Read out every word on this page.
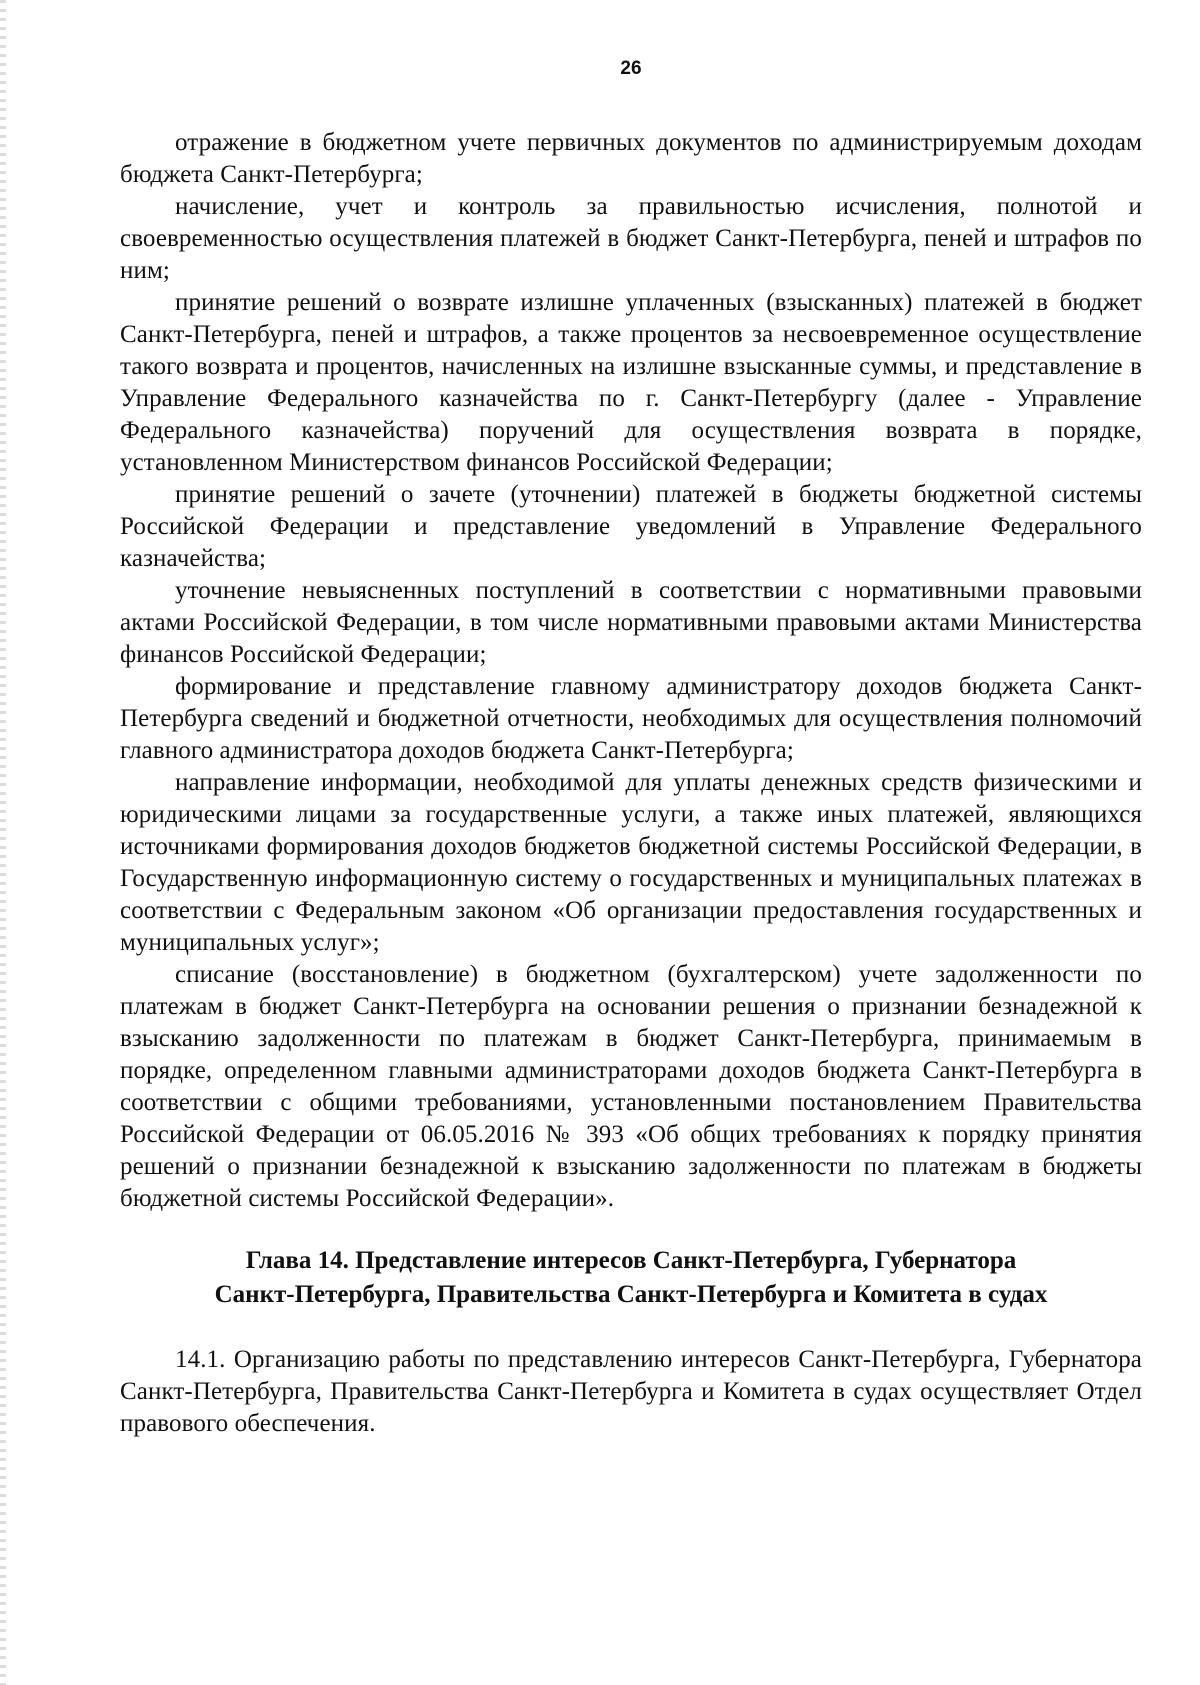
26

отражение в бюджетном учете первичных документов по администрируемым доходам бюджета Санкт-Петербурга;

начисление, учет и контроль за правильностью исчисления, полнотой и своевременностью осуществления платежей в бюджет Санкт-Петербурга, пеней и штрафов по ним;

принятие решений о возврате излишне уплаченных (взысканных) платежей в бюджет Санкт-Петербурга, пеней и штрафов, а также процентов за несвоевременное осуществление такого возврата и процентов, начисленных на излишне взысканные суммы, и представление в Управление Федерального казначейства по г. Санкт-Петербургу (далее - Управление Федерального казначейства) поручений для осуществления возврата в порядке, установленном Министерством финансов Российской Федерации;

принятие решений о зачете (уточнении) платежей в бюджеты бюджетной системы Российской Федерации и представление уведомлений в Управление Федерального казначейства;

уточнение невыясненных поступлений в соответствии с нормативными правовыми актами Российской Федерации, в том числе нормативными правовыми актами Министерства финансов Российской Федерации;

формирование и представление главному администратору доходов бюджета Санкт-Петербурга сведений и бюджетной отчетности, необходимых для осуществления полномочий главного администратора доходов бюджета Санкт-Петербурга;

направление информации, необходимой для уплаты денежных средств физическими и юридическими лицами за государственные услуги, а также иных платежей, являющихся источниками формирования доходов бюджетов бюджетной системы Российской Федерации, в Государственную информационную систему о государственных и муниципальных платежах в соответствии с Федеральным законом «Об организации предоставления государственных и муниципальных услуг»;

списание (восстановление) в бюджетном (бухгалтерском) учете задолженности по платежам в бюджет Санкт-Петербурга на основании решения о признании безнадежной к взысканию задолженности по платежам в бюджет Санкт-Петербурга, принимаемым в порядке, определенном главными администраторами доходов бюджета Санкт-Петербурга в соответствии с общими требованиями, установленными постановлением Правительства Российской Федерации от 06.05.2016 № 393 «Об общих требованиях к порядку принятия решений о признании безнадежной к взысканию задолженности по платежам в бюджеты бюджетной системы Российской Федерации».

Глава 14. Представление интересов Санкт-Петербурга, Губернатора
Санкт-Петербурга, Правительства Санкт-Петербурга и Комитета в судах

14.1. Организацию работы по представлению интересов Санкт-Петербурга, Губернатора Санкт-Петербурга, Правительства Санкт-Петербурга и Комитета в судах осуществляет Отдел правового обеспечения.
